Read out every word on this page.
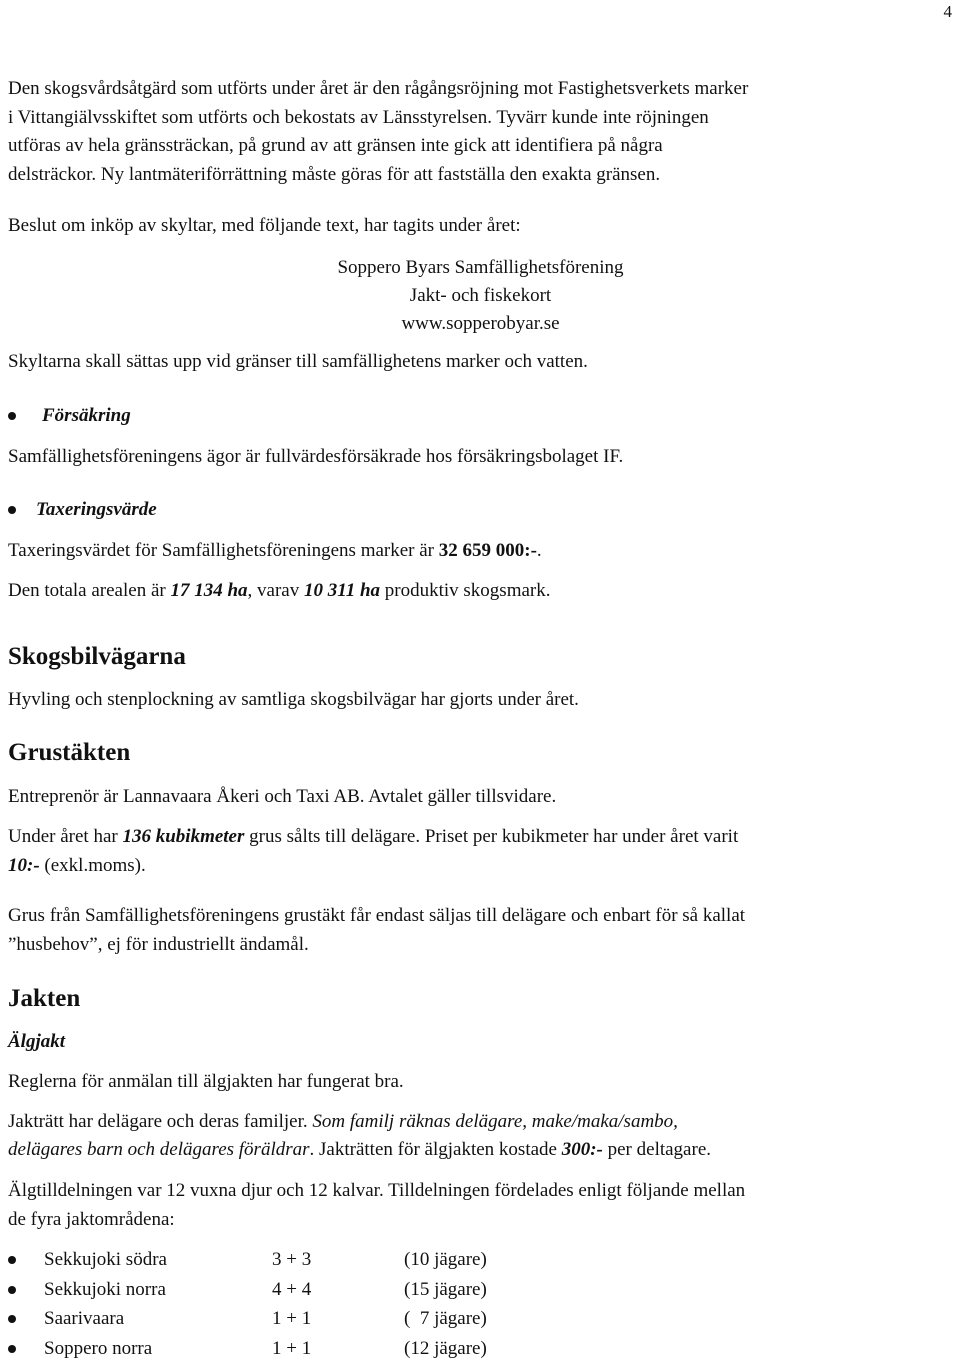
4

Den skogsvårdsåtgärd som utförts under året är den rågångsröjning mot Fastighetsverkets marker

i Vittangiälvsskiftet som utförts och bekostats av Länsstyrelsen. Tyvärr kunde inte röjningen

utföras av hela gränssträckan, på grund av att gränsen inte gick att identifiera på några

delsträckor. Ny lantmäteriförrättning måste göras för att fastställa den exakta gränsen.

Beslut om inköp av skyltar, med följande text, har tagits under året:

Soppero Byars Samfällighetsförening
Jakt- och fiskekort
www.sopperobyar.se

Skyltarna skall sättas upp vid gränser till samfällighetens marker och vatten.

Försäkring

Samfällighetsföreningens ägor är fullvärdesförsäkrade hos försäkringsbolaget IF.

Taxeringsvärde

Taxeringsvärdet för Samfällighetsföreningens marker är 32 659 000:-.

Den totala arealen är 17 134 ha, varav 10 311 ha produktiv skogsmark.

Skogsbilvägarna

Hyvling och stenplockning av samtliga skogsbilvägar har gjorts under året.

Grustäkten

Entreprenör är Lannavaara Åkeri och Taxi AB. Avtalet gäller tillsvidare.

Under året har 136 kubikmeter grus sålts till delägare. Priset per kubikmeter har under året varit

10:- (exkl.moms).

Grus från Samfällighetsföreningens grustäkt får endast säljas till delägare och enbart för så kallat

”husbehov”, ej för industriellt ändamål.

Jakten

Älgjakt

Reglerna för anmälan till älgjakten har fungerat bra.

Jakträtt har delägare och deras familjer. Som familj räknas delägare, make/maka/sambo,

delägares barn och delägares föräldrar. Jakträtten för älgjakten kostade 300:- per deltagare.

Älgtilldelningen var 12 vuxna djur och 12 kalvar. Tilldelningen fördelades enligt följande mellan

de fyra jaktområdena:

Sekkujoki södra	3 + 3	(10 jägare)
Sekkujoki norra	4 + 4	(15 jägare)
Saarivaara	1 + 1	(  7 jägare)
Soppero norra	1 + 1	(12 jägare)
